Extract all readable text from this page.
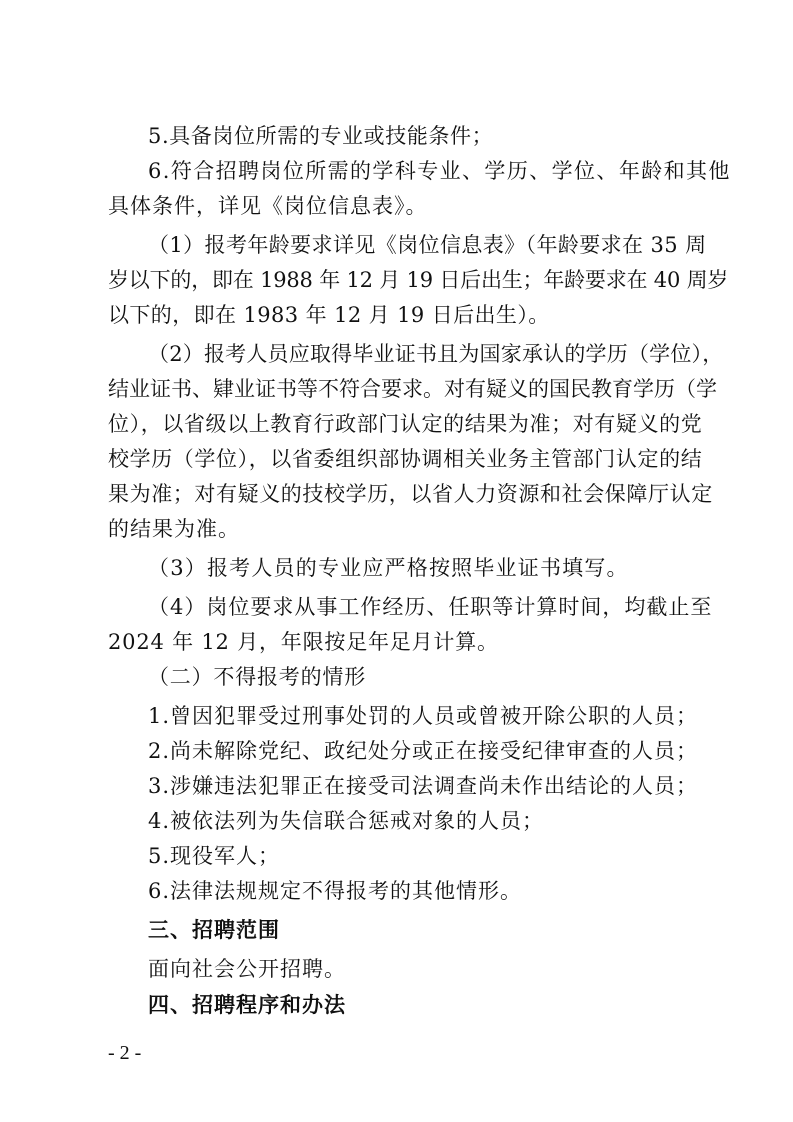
5.具备岗位所需的专业或技能条件；
6.符合招聘岗位所需的学科专业、学历、学位、年龄和其他
具体条件，详见《岗位信息表》。
（1）报考年龄要求详见《岗位信息表》（年龄要求在 35 周
岁以下的，即在 1988 年 12 月 19 日后出生；年龄要求在 40 周岁
以下的，即在 1983 年 12 月 19 日后出生）。
（2）报考人员应取得毕业证书且为国家承认的学历（学位），
结业证书、肄业证书等不符合要求。对有疑义的国民教育学历（学
位），以省级以上教育行政部门认定的结果为准；对有疑义的党
校学历（学位），以省委组织部协调相关业务主管部门认定的结
果为准；对有疑义的技校学历，以省人力资源和社会保障厅认定
的结果为准。
（3）报考人员的专业应严格按照毕业证书填写。
（4）岗位要求从事工作经历、任职等计算时间，均截止至
2024 年 12 月，年限按足年足月计算。
（二）不得报考的情形
1.曾因犯罪受过刑事处罚的人员或曾被开除公职的人员；
2.尚未解除党纪、政纪处分或正在接受纪律审查的人员；
3.涉嫌违法犯罪正在接受司法调查尚未作出结论的人员；
4.被依法列为失信联合惩戒对象的人员；
5.现役军人；
6.法律法规规定不得报考的其他情形。
三、招聘范围
面向社会公开招聘。
四、招聘程序和办法
- 2 -
